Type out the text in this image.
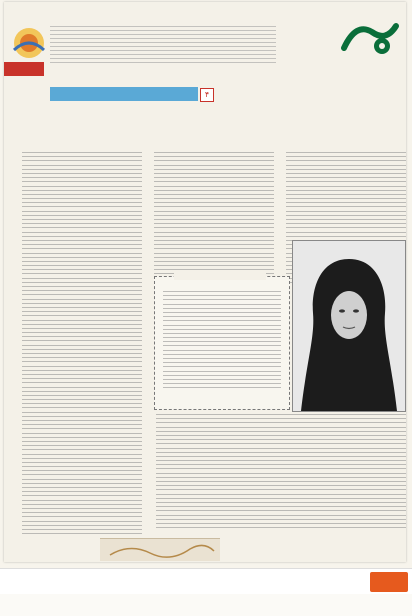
۴
